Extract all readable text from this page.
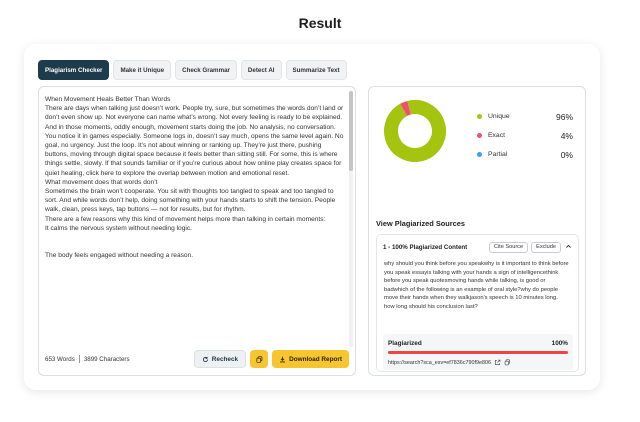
Result
Plagiarism Checker	Make it Unique	Check Grammar	Detect AI	Summarize Text

When Movement Heals Better Than Words

There are days when talking just doesn’t work. People try, sure, but sometimes the words don’t land or don’t even show up. Not everyone can name what’s wrong. Not every feeling is ready to be explained. And in those moments, oddly enough, movement starts doing the job. No analysis, no conversation.

You notice it in games especially. Someone logs in, doesn’t say much, opens the same level again. No goal, no urgency. Just the loop. It’s not about winning or ranking up. They’re just there, pushing buttons, moving through digital space because it feels better than sitting still. For some, this is where things settle, slowly. If that sounds familiar or if you’re curious about how online play creates space for quiet healing, click here to explore the overlap between motion and emotional reset.

What movement does that words don’t

Sometimes the brain won’t cooperate. You sit with thoughts too tangled to speak and too tangled to sort. And while words don’t help, doing something with your hands starts to shift the tension. People walk, clean, press keys, tap buttons — not for results, but for rhythm.

There are a few reasons why this kind of movement helps more than talking in certain moments:

It calms the nervous system without needing logic.

The body feels engaged without needing a reason.

653 Words 3899 Characters	Recheck	Download Report
Unique	96%
Exact	4%
Partial	0%
View Plagiarized Sources
1 - 100% Plagiarized Content	Cite Source	Exclude
why should you think before you speakwhy is it important to think before you speak essayis talking with your hands a sign of intelligencethink before you speak quotesmoving hands while talking, is good or badwhich of the following is an example of oral style?why do people move their hands when they walkjason's speech is 10 minutes long. how long should his conclusion last?
Plagiarized	100%
https://search?sca_esv=ef7836c790f9e806
